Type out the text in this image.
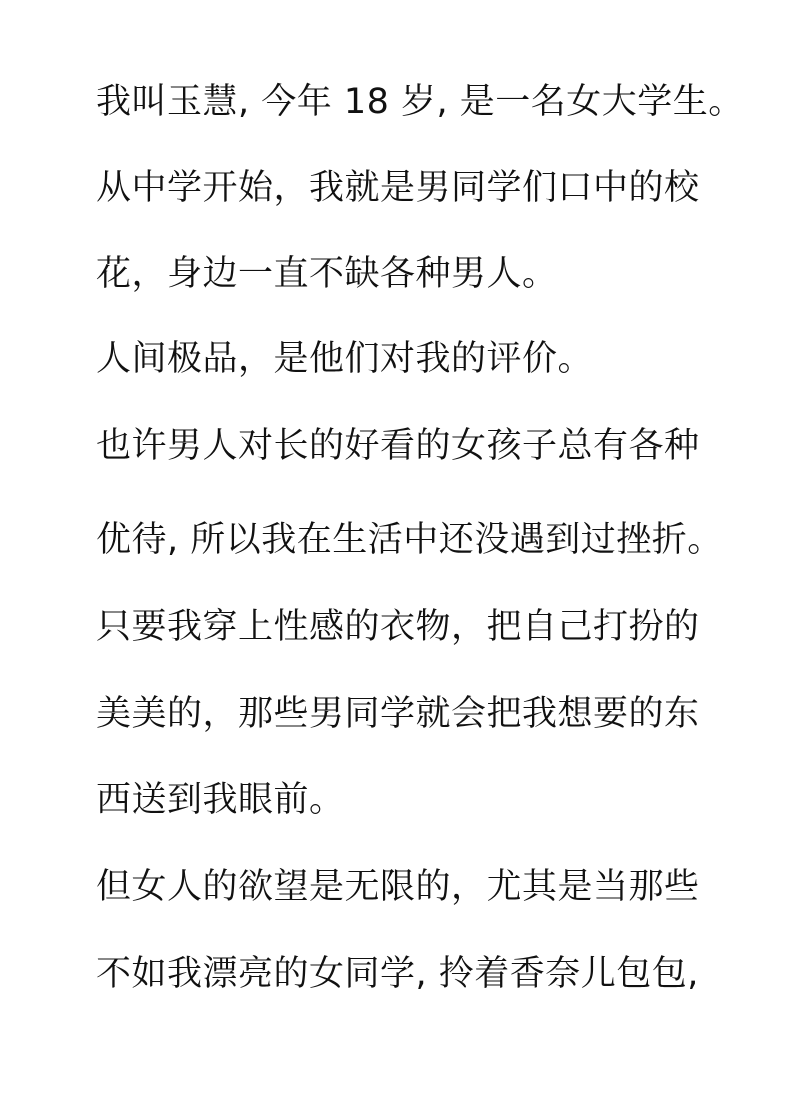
我叫玉慧, 今年 18 岁, 是一名女大学生。
从中学开始，我就是男同学们口中的校
花，身边一直不缺各种男人。
人间极品，是他们对我的评价。
也许男人对长的好看的女孩子总有各种
优待, 所以我在生活中还没遇到过挫折。
只要我穿上性感的衣物，把自己打扮的
美美的，那些男同学就会把我想要的东
西送到我眼前。
但女人的欲望是无限的，尤其是当那些
不如我漂亮的女同学, 拎着香奈儿包包,
